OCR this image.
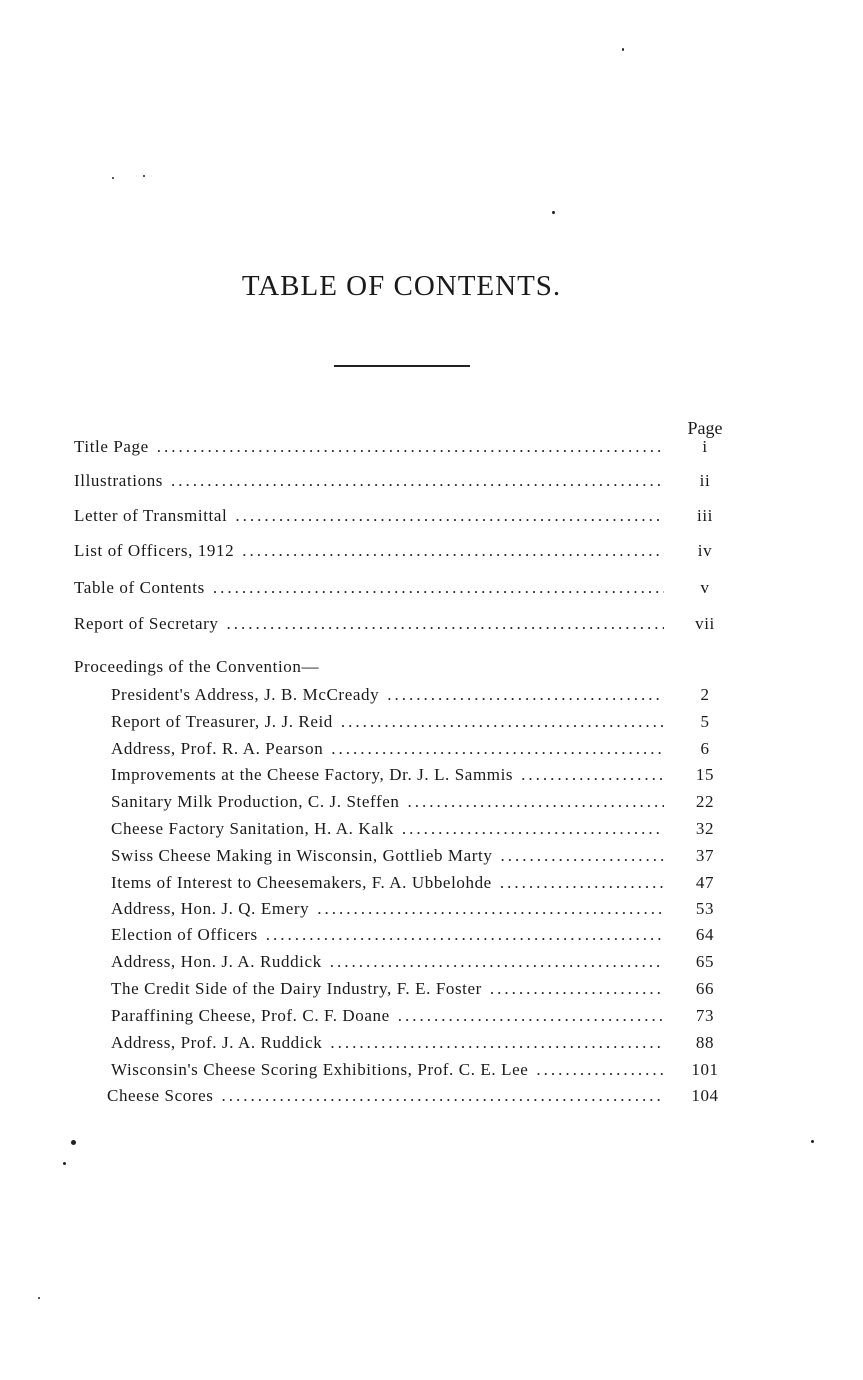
TABLE OF CONTENTS.
Page
Title Page .....	i
Illustrations .....	ii
Letter of Transmittal .....	iii
List of Officers, 1912 .....	iv
Table of Contents .....	v
Report of Secretary .....	vii
Proceedings of the Convention—
President's Address, J. B. McCready .....	2
Report of Treasurer, J. J. Reid .....	5
Address, Prof. R. A. Pearson .....	6
Improvements at the Cheese Factory, Dr. J. L. Sammis .....	15
Sanitary Milk Production, C. J. Steffen .....	22
Cheese Factory Sanitation, H. A. Kalk .....	32
Swiss Cheese Making in Wisconsin, Gottlieb Marty .....	37
Items of Interest to Cheesemakers, F. A. Ubbelohde .....	47
Address, Hon. J. Q. Emery .....	53
Election of Officers .....	64
Address, Hon. J. A. Ruddick .....	65
The Credit Side of the Dairy Industry, F. E. Foster .....	66
Paraffining Cheese, Prof. C. F. Doane .....	73
Address, Prof. J. A. Ruddick .....	88
Wisconsin's Cheese Scoring Exhibitions, Prof. C. E. Lee .....	101
Cheese Scores .....	104
